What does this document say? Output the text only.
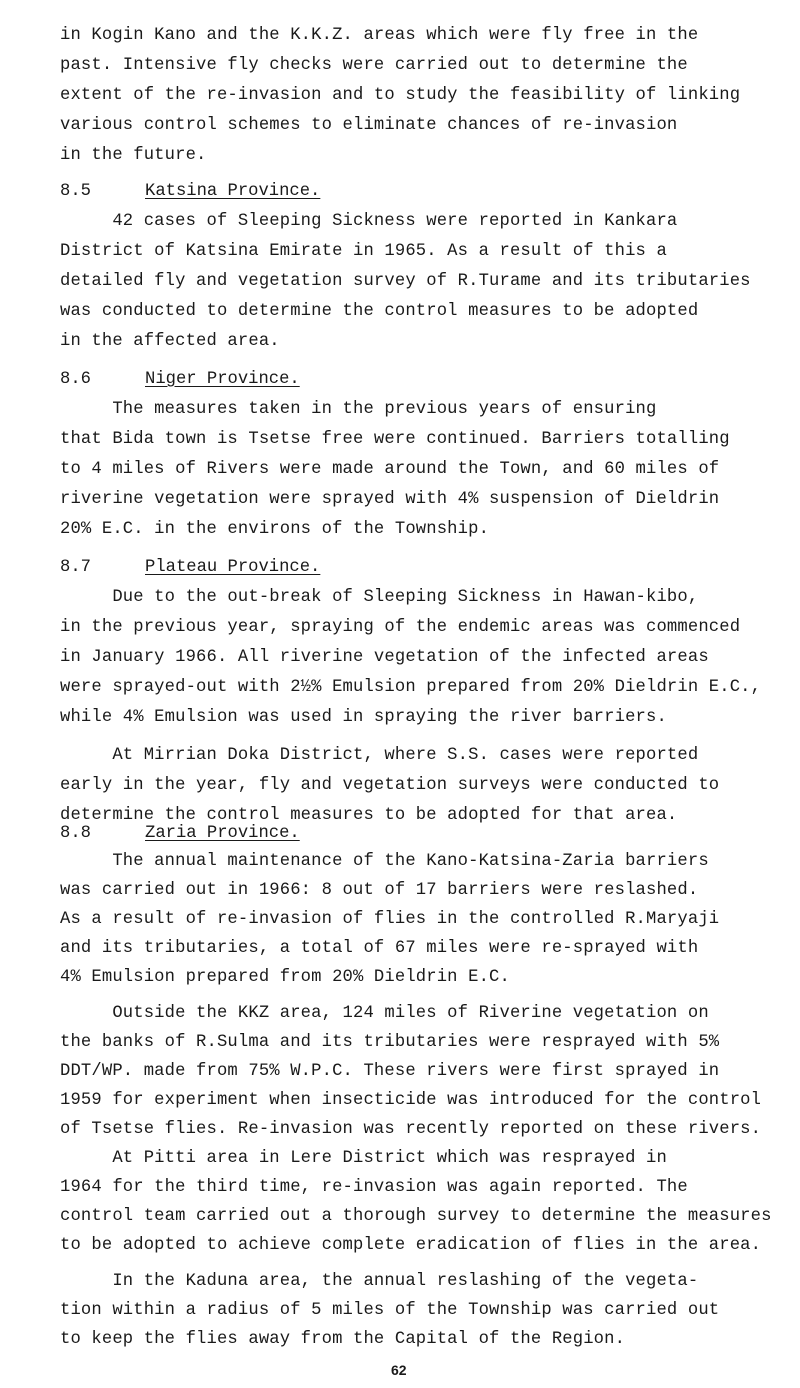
in Kogin Kano and the K.K.Z. areas which were fly free in the
past. Intensive fly checks were carried out to determine the
extent of the re-invasion and to study the feasibility of linking
various control schemes to eliminate chances of re-invasion
in the future.
8.5	Katsina Province.
42 cases of Sleeping Sickness were reported in Kankara
District of Katsina Emirate in 1965. As a result of this a
detailed fly and vegetation survey of R.Turame and its tributaries
was conducted to determine the control measures to be adopted
in the affected area.
8.6	Niger Province.
The measures taken in the previous years of ensuring
that Bida town is Tsetse free were continued. Barriers totalling
to 4 miles of Rivers were made around the Town, and 60 miles of
riverine vegetation were sprayed with 4% suspension of Dieldrin
20% E.C. in the environs of the Township.
8.7	Plateau Province.
Due to the out-break of Sleeping Sickness in Hawan-kibo,
in the previous year, spraying of the endemic areas was commenced
in January 1966. All riverine vegetation of the infected areas
were sprayed-out with 2½% Emulsion prepared from 20% Dieldrin E.C.,
while 4% Emulsion was used in spraying the river barriers.
At Mirrian Doka District, where S.S. cases were reported
early in the year, fly and vegetation surveys were conducted to
determine the control measures to be adopted for that area.
8.8	Zaria Province.
The annual maintenance of the Kano-Katsina-Zaria barriers
was carried out in 1966: 8 out of 17 barriers were reslashed.
As a result of re-invasion of flies in the controlled R.Maryaji
and its tributaries, a total of 67 miles were re-sprayed with
4% Emulsion prepared from 20% Dieldrin E.C.
Outside the KKZ area, 124 miles of Riverine vegetation on
the banks of R.Sulma and its tributaries were resprayed with 5%
DDT/WP. made from 75% W.P.C. These rivers were first sprayed in
1959 for experiment when insecticide was introduced for the control
of Tsetse flies. Re-invasion was recently reported on these rivers.
At Pitti area in Lere District which was resprayed in
1964 for the third time, re-invasion was again reported. The
control team carried out a thorough survey to determine the measures
to be adopted to achieve complete eradication of flies in the area.
In the Kaduna area, the annual reslashing of the vegeta-
tion within a radius of 5 miles of the Township was carried out
to keep the flies away from the Capital of the Region.
62
